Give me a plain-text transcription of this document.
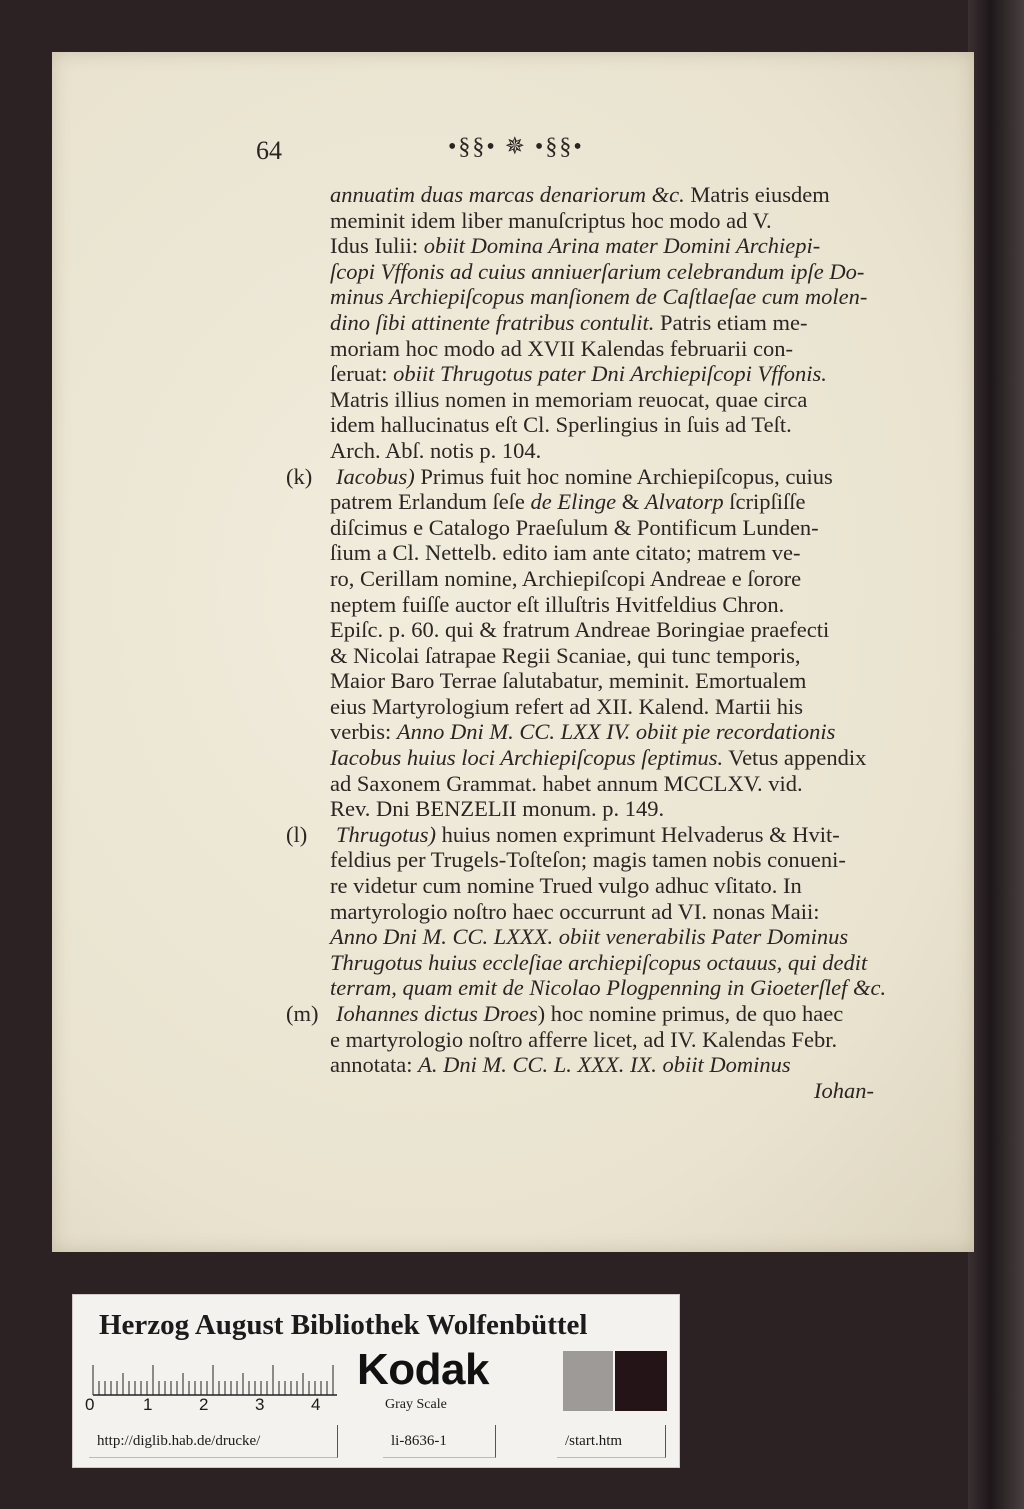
64	•§§• ✵ •§§•
annuatim duas marcas denariorum &c. Matris eiusdem
meminit idem liber manuſcriptus hoc modo ad V.
Idus Iulii: obiit Domina Arina mater Domini Archiepi-
ſcopi Vffonis ad cuius anniuerſarium celebrandum ipſe Do-
minus Archiepiſcopus manſionem de Caſtlaeſae cum molen-
dino ſibi attinente fratribus contulit. Patris etiam me-
moriam hoc modo ad XVII Kalendas februarii con-
ſeruat: obiit Thrugotus pater Dni Archiepiſcopi Vffonis.
Matris illius nomen in memoriam reuocat, quae circa
idem hallucinatus eſt Cl. Sperlingius in ſuis ad Teſt.
Arch. Abſ. notis p. 104.
(k) Iacobus) Primus fuit hoc nomine Archiepiſcopus, cuius
patrem Erlandum ſeſe de Elinge & Alvatorp ſcripſiſſe
diſcimus e Catalogo Praeſulum & Pontificum Lunden-
ſium a Cl. Nettelb. edito iam ante citato; matrem ve-
ro, Cerillam nomine, Archiepiſcopi Andreae e ſorore
neptem fuiſſe auctor eſt illuſtris Hvitfeldius Chron.
Epiſc. p. 60. qui & fratrum Andreae Boringiae praefecti
& Nicolai ſatrapae Regii Scaniae, qui tunc temporis,
Maior Baro Terrae ſalutabatur, meminit. Emortualem
eius Martyrologium refert ad XII. Kalend. Martii his
verbis: Anno Dni M. CC. LXX IV. obiit pie recordationis
Iacobus huius loci Archiepiſcopus ſeptimus. Vetus appendix
ad Saxonem Grammat. habet annum MCCLXV. vid.
Rev. Dni BENZELII monum. p. 149.
(l) Thrugotus) huius nomen exprimunt Helvaderus & Hvit-
feldius per Trugels-Toſteſon; magis tamen nobis conueni-
re videtur cum nomine Trued vulgo adhuc vſitato. In
martyrologio noſtro haec occurrunt ad VI. nonas Maii:
Anno Dni M. CC. LXXX. obiit venerabilis Pater Dominus
Thrugotus huius eccleſiae archiepiſcopus octauus, qui dedit
terram, quam emit de Nicolao Plogpenning in Gioeterſlef &c.
(m) Iohannes dictus Droes) hoc nomine primus, de quo haec
e martyrologio noſtro afferre licet, ad IV. Kalendas Febr.
annotata: A. Dni M. CC. L. XXX. IX. obiit Dominus
Iohan-
Herzog August Bibliothek Wolfenbüttel
0	1	2	3	4
Kodak
Gray Scale
http://diglib.hab.de/drucke/	li-8636-1	/start.htm
